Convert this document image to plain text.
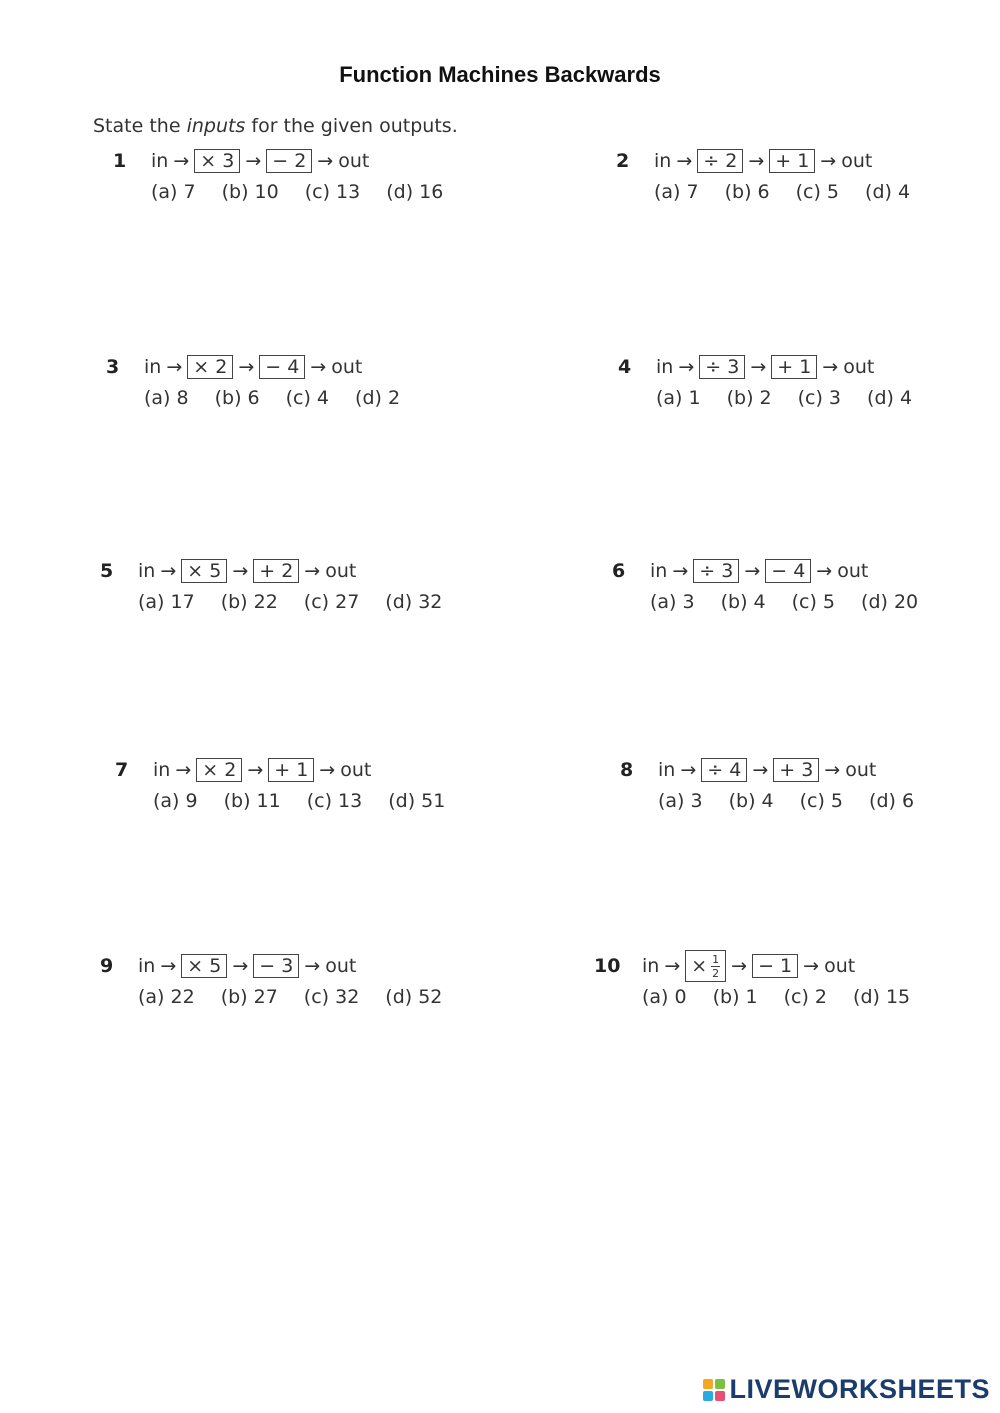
Function Machines Backwards
State the inputs for the given outputs.
1	in → × 3 → − 2 → out
(a) 7 (b) 10 (c) 13 (d) 16
2	in → ÷ 2 → + 1 → out
(a) 7 (b) 6 (c) 5 (d) 4
3	in → × 2 → − 4 → out
(a) 8 (b) 6 (c) 4 (d) 2
4	in → ÷ 3 → + 1 → out
(a) 1 (b) 2 (c) 3 (d) 4
5	in → × 5 → + 2 → out
(a) 17 (b) 22 (c) 27 (d) 32
6	in → ÷ 3 → − 4 → out
(a) 3 (b) 4 (c) 5 (d) 20
7	in → × 2 → + 1 → out
(a) 9 (b) 11 (c) 13 (d) 51
8	in → ÷ 4 → + 3 → out
(a) 3 (b) 4 (c) 5 (d) 6
9	in → × 5 → − 3 → out
(a) 22 (b) 27 (c) 32 (d) 52
10	in → × $\frac{1}{2}$ → − 1 → out
(a) 0 (b) 1 (c) 2 (d) 15
LIVEWORKSHEETS
